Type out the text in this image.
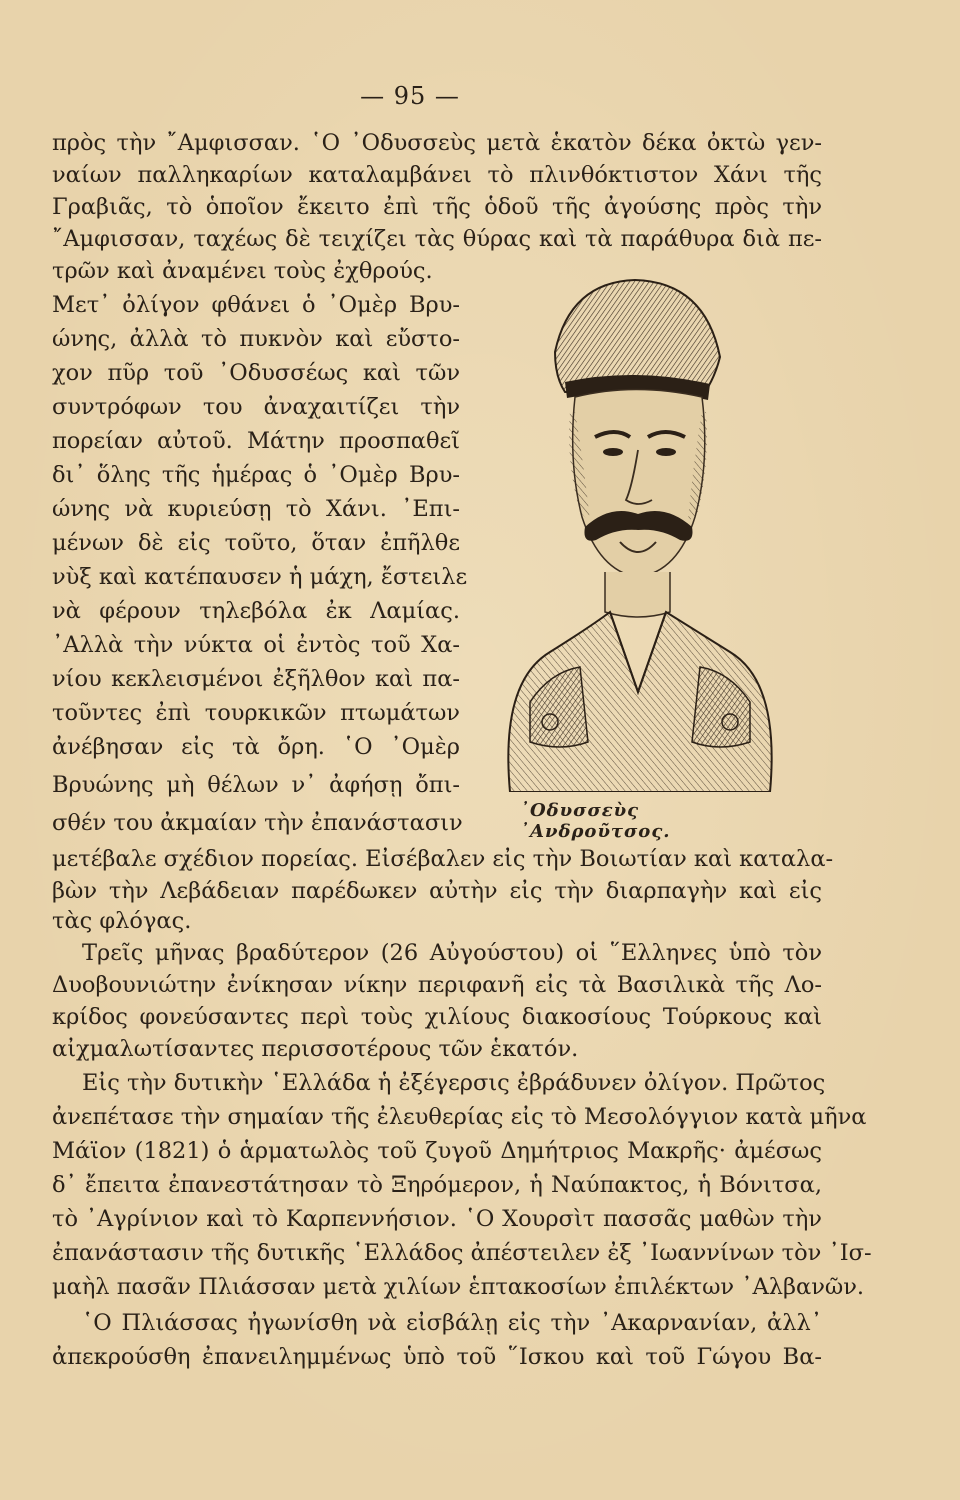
— 95 —
πρὸς τὴν ῎Αμφισσαν. ῾Ο ᾿Οδυσσεὺς μετὰ ἑκατὸν δέκα ὀκτὼ γεν-
ναίων παλληκαρίων καταλαμβάνει τὸ πλινθόκτιστον Χάνι τῆς
Γραβιᾶς, τὸ ὁποῖον ἔκειτο ἐπὶ τῆς ὁδοῦ τῆς ἀγούσης πρὸς τὴν
῎Αμφισσαν, ταχέως δὲ τειχίζει τὰς θύρας καὶ τὰ παράθυρα διὰ πε-
τρῶν καὶ ἀναμένει τοὺς ἐχθρούς.
Μετ᾿ ὀλίγον φθάνει ὁ ᾿Ομὲρ Βρυ-
ώνης, ἀλλὰ τὸ πυκνὸν καὶ εὔστο-
χον πῦρ τοῦ ᾿Οδυσσέως καὶ τῶν
συντρόφων του ἀναχαιτίζει τὴν
πορείαν αὐτοῦ. Μάτην προσπαθεῖ
δι᾿ ὅλης τῆς ἡμέρας ὁ ᾿Ομὲρ Βρυ-
ώνης νὰ κυριεύσῃ τὸ Χάνι. ᾿Επι-
μένων δὲ εἰς τοῦτο, ὅταν ἐπῆλθε
νὺξ καὶ κατέπαυσεν ἡ μάχη, ἔστειλε
νὰ φέρουν τηλεβόλα ἐκ Λαμίας.
᾿Αλλὰ τὴν νύκτα οἱ ἐντὸς τοῦ Χα-
νίου κεκλεισμένοι ἐξῆλθον καὶ πα-
τοῦντες ἐπὶ τουρκικῶν πτωμάτων
ἀνέβησαν εἰς τὰ ὄρη. ῾Ο ᾿Ομὲρ
Βρυώνης μὴ θέλων ν᾿ ἀφήσῃ ὄπι-
σθέν του ἀκμαίαν τὴν ἐπανάστασιν
μετέβαλε σχέδιον πορείας. Εἰσέβαλεν εἰς τὴν Βοιωτίαν καὶ καταλα-
βὼν τὴν Λεβάδειαν παρέδωκεν αὐτὴν εἰς τὴν διαρπαγὴν καὶ εἰς
τὰς φλόγας.
Τρεῖς μῆνας βραδύτερον (26 Αὐγούστου) οἱ ῞Ελληνες ὑπὸ τὸν
Δυοβουνιώτην ἐνίκησαν νίκην περιφανῆ εἰς τὰ Βασιλικὰ τῆς Λο-
κρίδος φονεύσαντες περὶ τοὺς χιλίους διακοσίους Τούρκους καὶ
αἰχμαλωτίσαντες περισσοτέρους τῶν ἑκατόν.
Εἰς τὴν δυτικὴν ῾Ελλάδα ἡ ἐξέγερσις ἐβράδυνεν ὀλίγον. Πρῶτος
ἀνεπέτασε τὴν σημαίαν τῆς ἐλευθερίας εἰς τὸ Μεσολόγγιον κατὰ μῆνα
Μάϊον (1821) ὁ ἁρματωλὸς τοῦ ζυγοῦ Δημήτριος Μακρῆς· ἀμέσως
δ᾿ ἔπειτα ἐπανεστάτησαν τὸ Ξηρόμερον, ἡ Ναύπακτος, ἡ Βόνιτσα,
τὸ ᾿Αγρίνιον καὶ τὸ Καρπεννήσιον. ῾Ο Χουρσὶτ πασσᾶς μαθὼν τὴν
ἐπανάστασιν τῆς δυτικῆς ῾Ελλάδος ἀπέστειλεν ἐξ ᾿Ιωαννίνων τὸν ᾿Ισ-
μαὴλ πασᾶν Πλιάσσαν μετὰ χιλίων ἑπτακοσίων ἐπιλέκτων ᾿Αλβανῶν.
῾Ο Πλιάσσας ἠγωνίσθη νὰ εἰσβάλῃ εἰς τὴν ᾿Ακαρνανίαν, ἀλλ᾿
ἀπεκρούσθη ἐπανειλημμένως ὑπὸ τοῦ ῞Ισκου καὶ τοῦ Γώγου Βα-
᾿Οδυσσεὺς ᾿Ανδροῦτσος.
